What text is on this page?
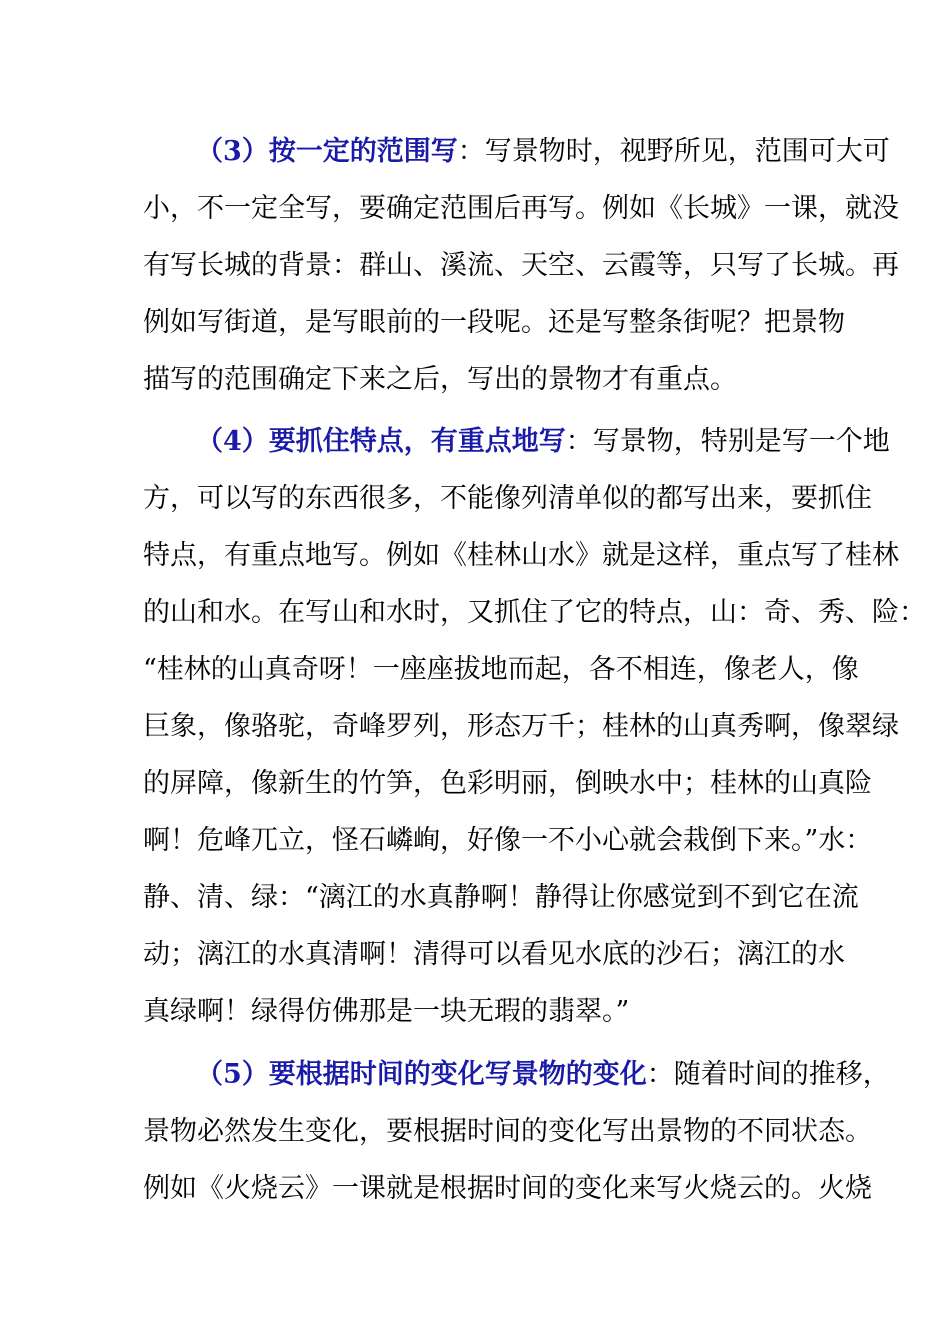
（3）按一定的范围写：写景物时，视野所见，范围可大可
小，不一定全写，要确定范围后再写。例如《长城》一课，就没
有写长城的背景：群山、溪流、天空、云霞等，只写了长城。再
例如写街道，是写眼前的一段呢。还是写整条街呢？把景物
描写的范围确定下来之后，写出的景物才有重点。
（4）要抓住特点，有重点地写：写景物，特别是写一个地
方，可以写的东西很多，不能像列清单似的都写出来，要抓住
特点，有重点地写。例如《桂林山水》就是这样，重点写了桂林
的山和水。在写山和水时，又抓住了它的特点，山：奇、秀、险：
“桂林的山真奇呀！一座座拔地而起，各不相连，像老人，像
巨象，像骆驼，奇峰罗列，形态万千；桂林的山真秀啊，像翠绿
的屏障，像新生的竹笋，色彩明丽，倒映水中；桂林的山真险
啊！危峰兀立，怪石嶙峋，好像一不小心就会栽倒下来。”水：
静、清、绿：“漓江的水真静啊！静得让你感觉到不到它在流
动；漓江的水真清啊！清得可以看见水底的沙石；漓江的水
真绿啊！绿得仿佛那是一块无瑕的翡翠。”
（5）要根据时间的变化写景物的变化：随着时间的推移，
景物必然发生变化，要根据时间的变化写出景物的不同状态。
例如《火烧云》一课就是根据时间的变化来写火烧云的。火烧
